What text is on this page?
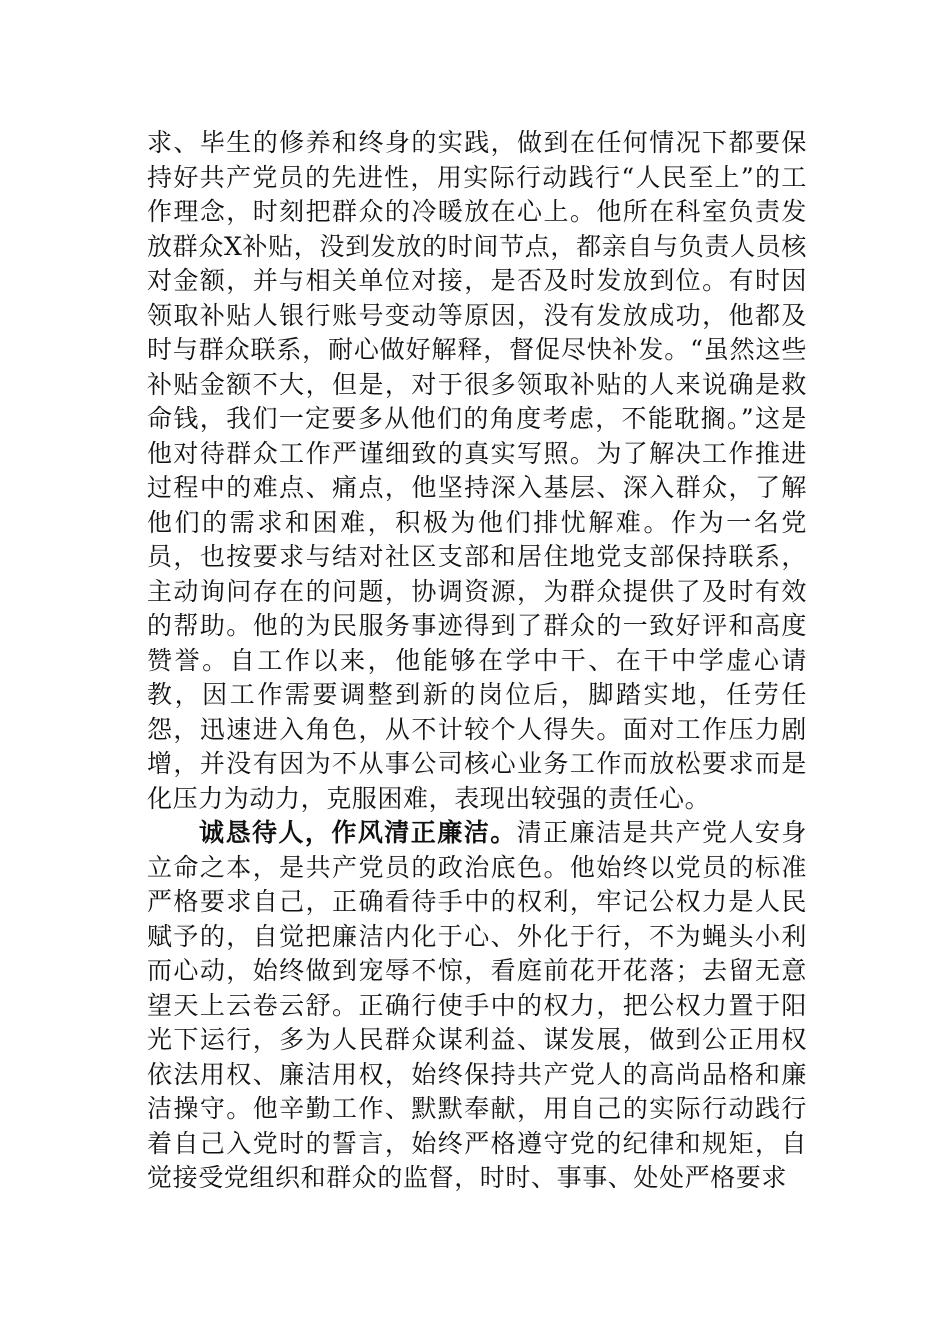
求、毕生的修养和终身的实践，做到在任何情况下都要保持好共产党员的先进性，用实际行动践行“人民至上”的工作理念，时刻把群众的冷暖放在心上。他所在科室负责发放群众X补贴，没到发放的时间节点，都亲自与负责人员核对金额，并与相关单位对接，是否及时发放到位。有时因领取补贴人银行账号变动等原因，没有发放成功，他都及时与群众联系，耐心做好解释，督促尽快补发。“虽然这些补贴金额不大，但是，对于很多领取补贴的人来说确是救命钱，我们一定要多从他们的角度考虑，不能耽搁。”这是他对待群众工作严谨细致的真实写照。为了解决工作推进过程中的难点、痛点，他坚持深入基层、深入群众，了解他们的需求和困难，积极为他们排忧解难。作为一名党员，也按要求与结对社区支部和居住地党支部保持联系，主动询问存在的问题，协调资源，为群众提供了及时有效的帮助。他的为民服务事迹得到了群众的一致好评和高度赞誉。自工作以来，他能够在学中干、在干中学虚心请教，因工作需要调整到新的岗位后，脚踏实地，任劳任怨，迅速进入角色，从不计较个人得失。面对工作压力剧增，并没有因为不从事公司核心业务工作而放松要求而是化压力为动力，克服困难，表现出较强的责任心。

诚恳待人，作风清正廉洁。清正廉洁是共产党人安身立命之本，是共产党员的政治底色。他始终以党员的标准严格要求自己，正确看待手中的权利，牢记公权力是人民赋予的，自觉把廉洁内化于心、外化于行，不为蝇头小利而心动，始终做到宠辱不惊，看庭前花开花落；去留无意望天上云卷云舒。正确行使手中的权力，把公权力置于阳光下运行，多为人民群众谋利益、谋发展，做到公正用权依法用权、廉洁用权，始终保持共产党人的高尚品格和廉洁操守。他辛勤工作、默默奉献，用自己的实际行动践行着自己入党时的誓言，始终严格遵守党的纪律和规矩，自觉接受党组织和群众的监督，时时、事事、处处严格要求
